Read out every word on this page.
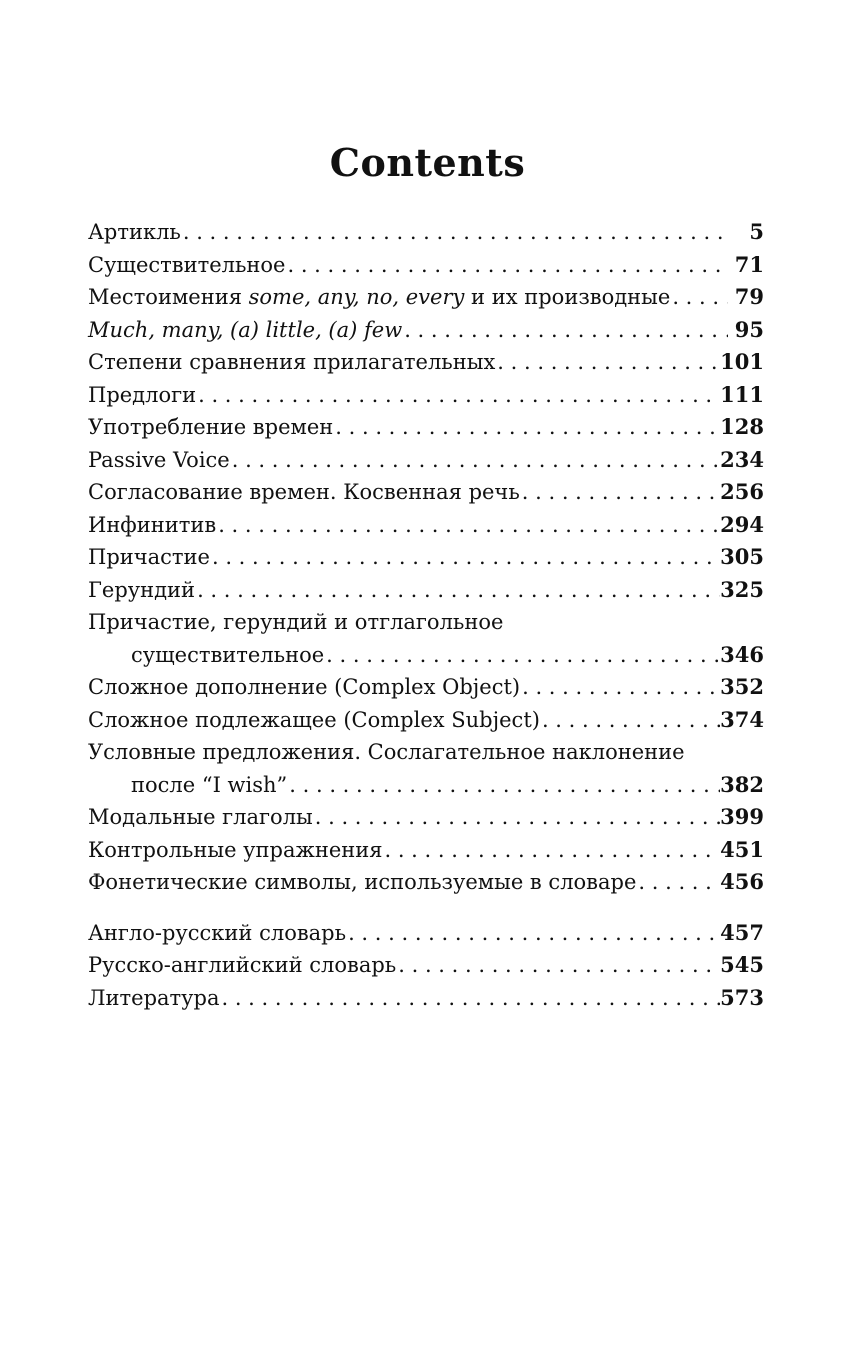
Contents
Артикль . . .	5
Существительное . . .	71
Местоимения some, any, no, every и их производные . . .	79
Much, many, (a) little, (a) few . . .	95
Степени сравнения прилагательных . . .	101
Предлоги . . .	111
Употребление времен . . .	128
Passive Voice . . .	234
Согласование времен. Косвенная речь . . .	256
Инфинитив . . .	294
Причастие . . .	305
Герундий . . .	325
Причастие, герундий и отглагольное
существительное . . .	346
Сложное дополнение (Complex Object) . . .	352
Сложное подлежащее (Complex Subject) . . .	374
Условные предложения. Сослагательное наклонение
после “I wish” . . .	382
Модальные глаголы . . .	399
Контрольные упражнения . . .	451
Фонетические символы, используемые в словаре . . .	456
Англо-русский словарь . . .	457
Русско-английский словарь . . .	545
Литература . . .	573
